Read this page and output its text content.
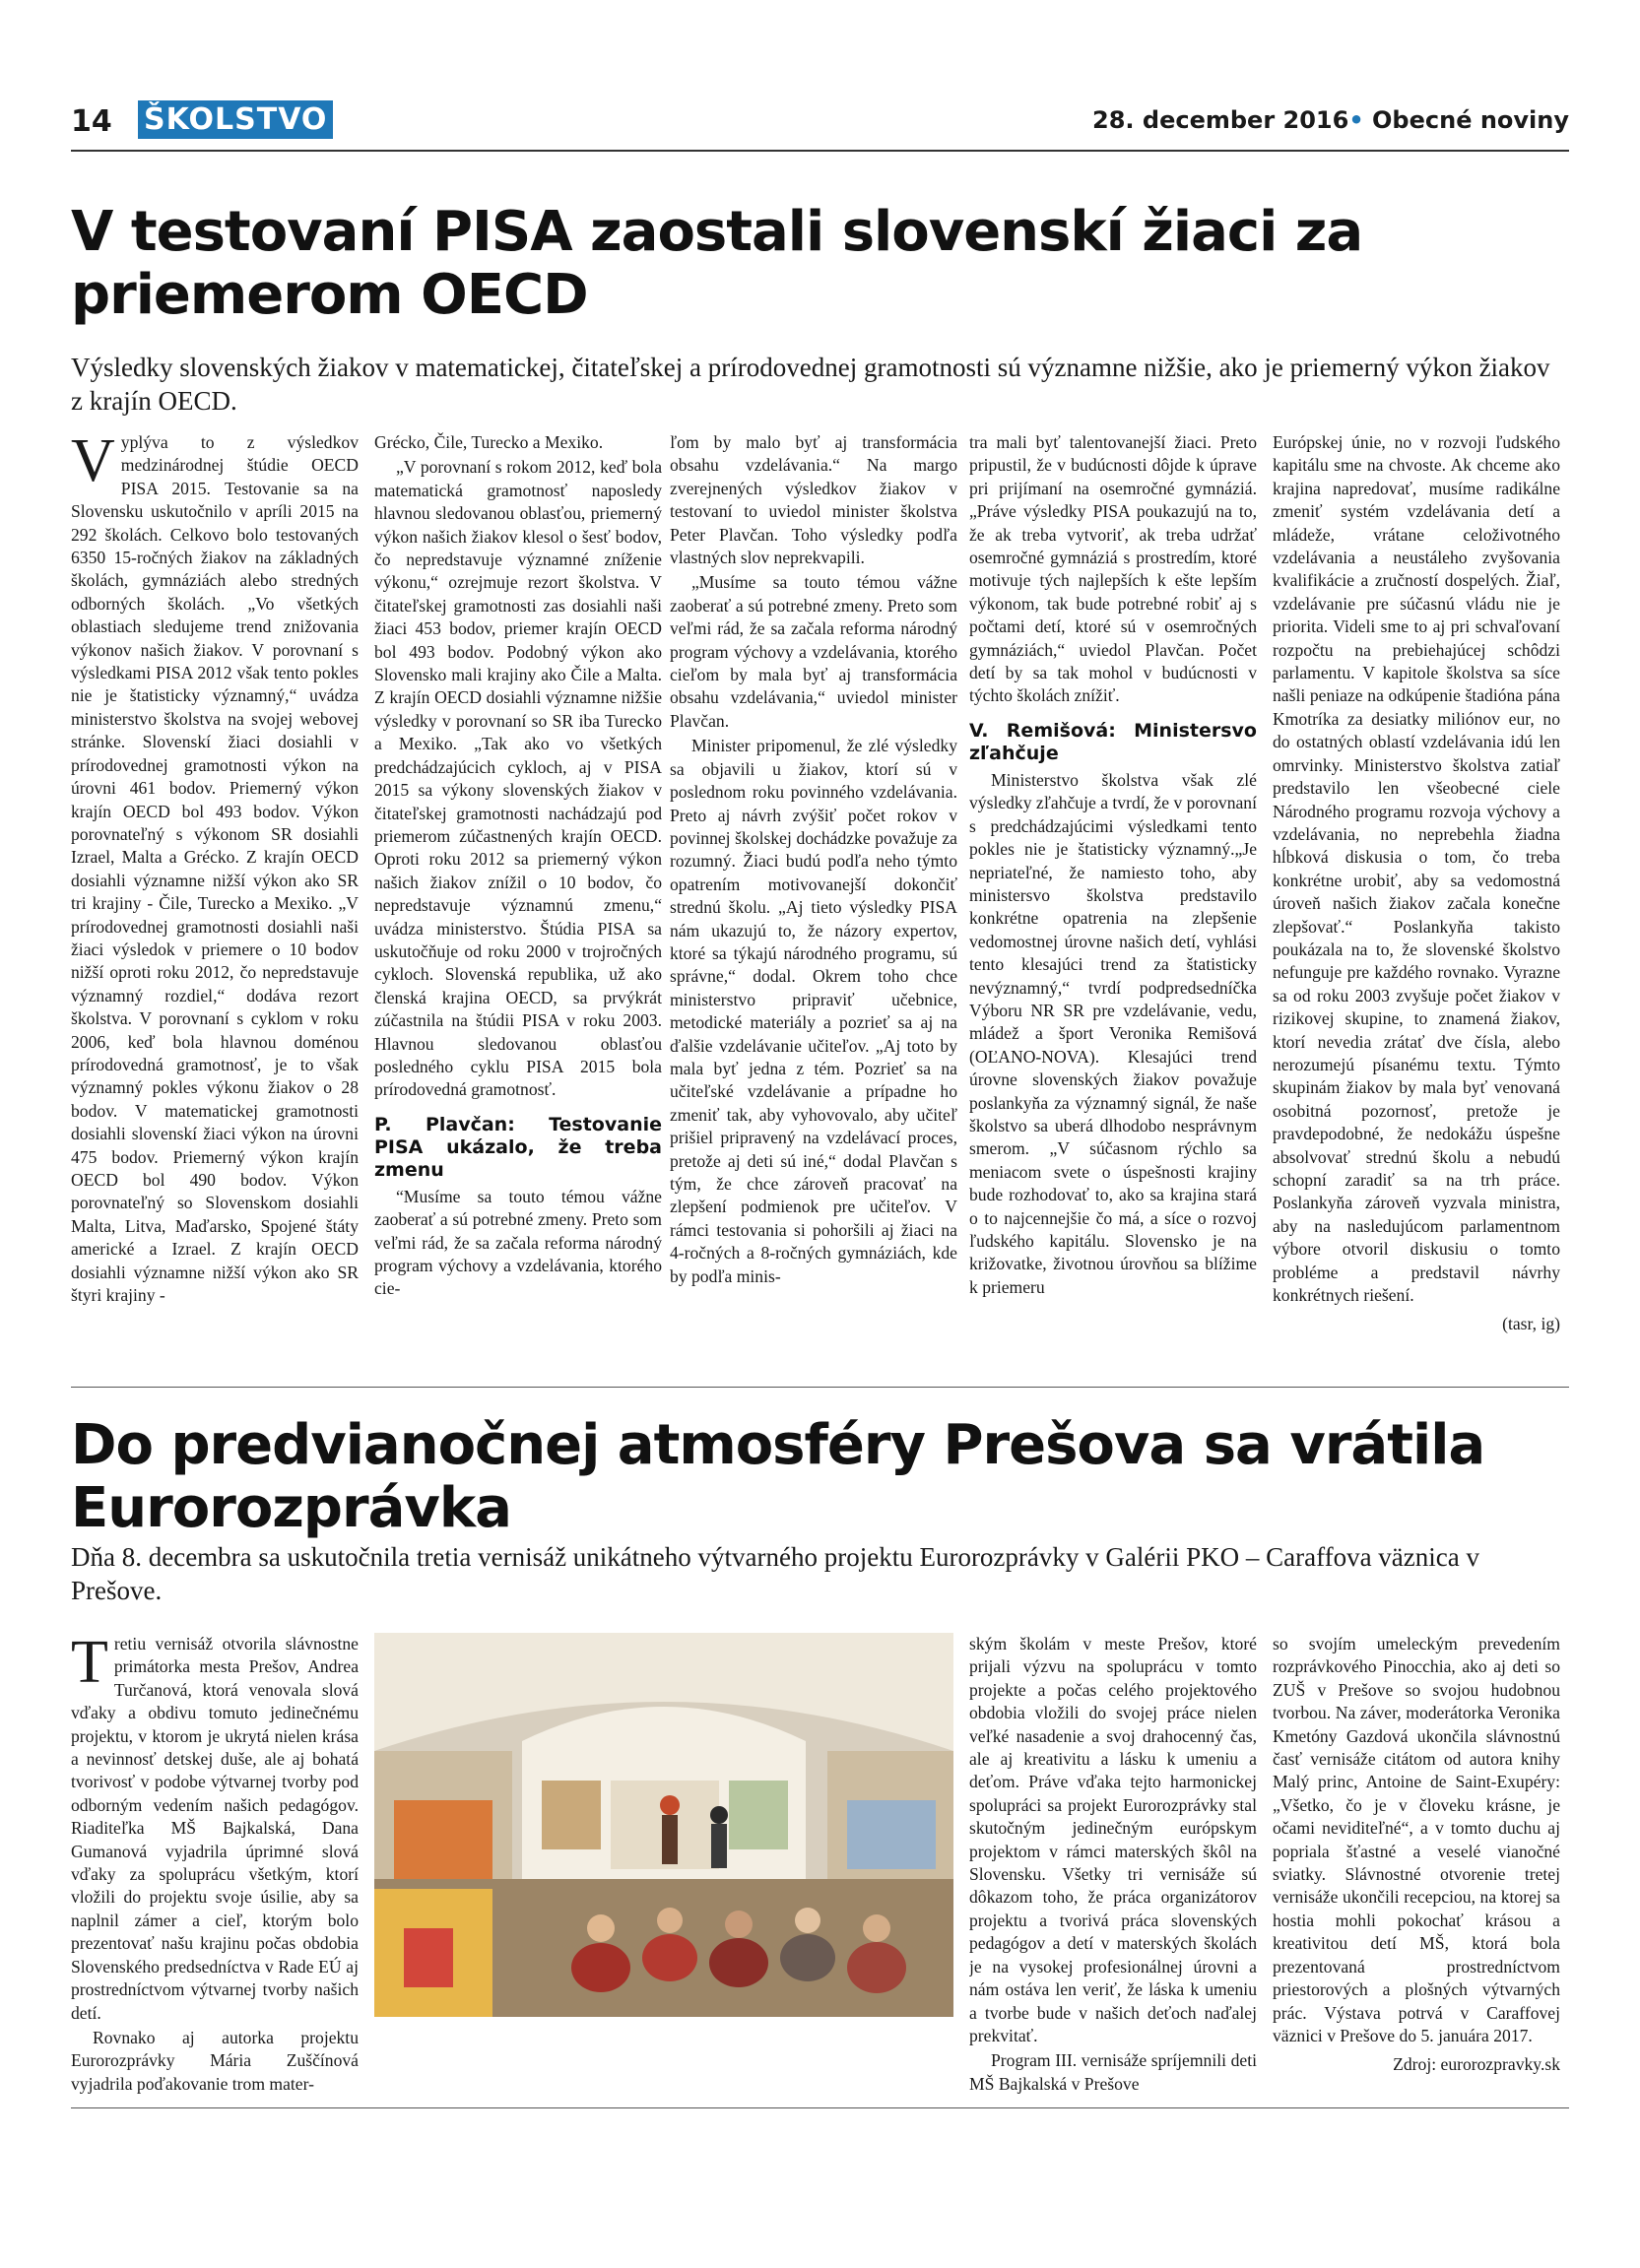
14 ŠKOLSTVO	28. december 2016• Obecné noviny
V testovaní PISA zaostali slovenskí žiaci za priemerom OECD

Výsledky slovenských žiakov v matematickej, čitateľskej a prírodovednej gramotnosti sú významne nižšie, ako je priemerný výkon žiakov z krajín OECD.

Vyplýva to z výsledkov medzinárodnej štúdie OECD PISA 2015. Testovanie sa na Slovensku uskutočnilo v apríli 2015 na 292 školách. Celkovo bolo testovaných 6350 15-ročných žiakov na základných školách, gymnáziách alebo stredných odborných školách. „Vo všetkých oblastiach sledujeme trend znižovania výkonov našich žiakov. V porovnaní s výsledkami PISA 2012 však tento pokles nie je štatisticky významný,“ uvádza ministerstvo školstva na svojej webovej stránke. Slovenskí žiaci dosiahli v prírodovednej gramotnosti výkon na úrovni 461 bodov. Priemerný výkon krajín OECD bol 493 bodov. Výkon porovnateľný s výkonom SR dosiahli Izrael, Malta a Grécko. Z krajín OECD dosiahli významne nižší výkon ako SR tri krajiny - Čile, Turecko a Mexiko. „V prírodovednej gramotnosti dosiahli naši žiaci výsledok v priemere o 10 bodov nižší oproti roku 2012, čo nepredstavuje významný rozdiel,“ dodáva rezort školstva. V porovnaní s cyklom v roku 2006, keď bola hlavnou doménou prírodovedná gramotnosť, je to však významný pokles výkonu žiakov o 28 bodov. V matematickej gramotnosti dosiahli slovenskí žiaci výkon na úrovni 475 bodov. Priemerný výkon krajín OECD bol 490 bodov. Výkon porovnateľný so Slovenskom dosiahli Malta, Litva, Maďarsko, Spojené štáty americké a Izrael. Z krajín OECD dosiahli významne nižší výkon ako SR štyri krajiny -

Grécko, Čile, Turecko a Mexiko.

„V porovnaní s rokom 2012, keď bola matematická gramotnosť naposledy hlavnou sledovanou oblasťou, priemerný výkon našich žiakov klesol o šesť bodov, čo nepredstavuje významné zníženie výkonu,“ ozrejmuje rezort školstva. V čitateľskej gramotnosti zas dosiahli naši žiaci 453 bodov, priemer krajín OECD bol 493 bodov. Podobný výkon ako Slovensko mali krajiny ako Čile a Malta. Z krajín OECD dosiahli významne nižšie výsledky v porovnaní so SR iba Turecko a Mexiko. „Tak ako vo všetkých predchádzajúcich cykloch, aj v PISA 2015 sa výkony slovenských žiakov v čitateľskej gramotnosti nachádzajú pod priemerom zúčastnených krajín OECD. Oproti roku 2012 sa priemerný výkon našich žiakov znížil o 10 bodov, čo nepredstavuje významnú zmenu,“ uvádza ministerstvo. Štúdia PISA sa uskutočňuje od roku 2000 v trojročných cykloch. Slovenská republika, už ako členská krajina OECD, sa prvýkrát zúčastnila na štúdii PISA v roku 2003. Hlavnou sledovanou oblasťou posledného cyklu PISA 2015 bola prírodovedná gramotnosť.

P. Plavčan: Testovanie PISA ukázalo, že treba zmenu

“Musíme sa touto témou vážne zaoberať a sú potrebné zmeny. Preto som veľmi rád, že sa začala reforma národný program výchovy a vzdelávania, ktorého cie-

ľom by malo byť aj transformácia obsahu vzdelávania.“ Na margo zverejnených výsledkov žiakov v testovaní to uviedol minister školstva Peter Plavčan. Toho výsledky podľa vlastných slov neprekvapili.

„Musíme sa touto témou vážne zaoberať a sú potrebné zmeny. Preto som veľmi rád, že sa začala reforma národný program výchovy a vzdelávania, ktorého cieľom by mala byť aj transformácia obsahu vzdelávania,“ uviedol minister Plavčan.

Minister pripomenul, že zlé výsledky sa objavili u žiakov, ktorí sú v poslednom roku povinného vzdelávania. Preto aj návrh zvýšiť počet rokov v povinnej školskej dochádzke považuje za rozumný. Žiaci budú podľa neho týmto opatrením motivovanejší dokončiť strednú školu. „Aj tieto výsledky PISA nám ukazujú to, že názory expertov, ktoré sa týkajú národného programu, sú správne,“ dodal. Okrem toho chce ministerstvo pripraviť učebnice, metodické materiály a pozrieť sa aj na ďalšie vzdelávanie učiteľov. „Aj toto by mala byť jedna z tém. Pozrieť sa na učiteľské vzdelávanie a prípadne ho zmeniť tak, aby vyhovovalo, aby učiteľ prišiel pripravený na vzdelávací proces, pretože aj deti sú iné,“ dodal Plavčan s tým, že chce zároveň pracovať na zlepšení podmienok pre učiteľov. V rámci testovania si pohoršili aj žiaci na 4-ročných a 8-ročných gymnáziách, kde by podľa minis-

tra mali byť talentovanejší žiaci. Preto pripustil, že v budúcnosti dôjde k úprave pri prijímaní na osemročné gymnáziá. „Práve výsledky PISA poukazujú na to, že ak treba vytvoriť, ak treba udržať osemročné gymnáziá s prostredím, ktoré motivuje tých najlepších k ešte lepším výkonom, tak bude potrebné robiť aj s počtami detí, ktoré sú v osemročných gymnáziách,“ uviedol Plavčan. Počet detí by sa tak mohol v budúcnosti v týchto školách znížiť.

V. Remišová: Ministersvo zľahčuje

Ministerstvo školstva však zlé výsledky zľahčuje a tvrdí, že v porovnaní s predchádzajúcimi výsledkami tento pokles nie je štatisticky významný.„Je nepriateľné, že namiesto toho, aby ministersvo školstva predstavilo konkrétne opatrenia na zlepšenie vedomostnej úrovne našich detí, vyhlási tento klesajúci trend za štatisticky nevýznamný,“ tvrdí podpredsedníčka Výboru NR SR pre vzdelávanie, vedu, mládež a šport Veronika Remišová (OĽANO-NOVA). Klesajúci trend úrovne slovenských žiakov považuje poslankyňa za významný signál, že naše školstvo sa uberá dlhodobo nesprávnym smerom. „V súčasnom rýchlo sa meniacom svete o úspešnosti krajiny bude rozhodovať to, ako sa krajina stará o to najcennejšie čo má, a síce o rozvoj ľudského kapitálu. Slovensko je na križovatke, životnou úrovňou sa blížime k priemeru

Európskej únie, no v rozvoji ľudského kapitálu sme na chvoste. Ak chceme ako krajina napredovať, musíme radikálne zmeniť systém vzdelávania detí a mládeže, vrátane celoživotného vzdelávania a neustáleho zvyšovania kvalifikácie a zručností dospelých. Žiaľ, vzdelávanie pre súčasnú vládu nie je priorita. Videli sme to aj pri schvaľovaní rozpočtu na prebiehajúcej schôdzi parlamentu. V kapitole školstva sa síce našli peniaze na odkúpenie štadióna pána Kmotríka za desiatky miliónov eur, no do ostatných oblastí vzdelávania idú len omrvinky. Ministerstvo školstva zatiaľ predstavilo len všeobecné ciele Národného programu rozvoja výchovy a vzdelávania, no neprebehla žiadna hĺbková diskusia o tom, čo treba konkrétne urobiť, aby sa vedomostná úroveň našich žiakov začala konečne zlepšovať.“ Poslankyňa takisto poukázala na to, že slovenské školstvo nefunguje pre každého rovnako. Vyrazne sa od roku 2003 zvyšuje počet žiakov v rizikovej skupine, to znamená žiakov, ktorí nevedia zrátať dve čísla, alebo nerozumejú písanému textu. Týmto skupinám žiakov by mala byť venovaná osobitná pozornosť, pretože je pravdepodobné, že nedokážu úspešne absolvovať strednú školu a nebudú schopní zaradiť sa na trh práce. Poslankyňa zároveň vyzvala ministra, aby na nasledujúcom parlamentnom výbore otvoril diskusiu o tomto probléme a predstavil návrhy konkrétnych riešení.

(tasr, ig)
Do predvianočnej atmosféry Prešova sa vrátila Eurorozprávka

Dňa 8. decembra sa uskutočnila tretia vernisáž unikátneho výtvarného projektu Eurorozprávky v Galérii PKO – Caraffova väznica v Prešove.

Tretiu vernisáž otvorila slávnostne primátorka mesta Prešov, Andrea Turčanová, ktorá venovala slová vďaky a obdivu tomuto jedinečnému projektu, v ktorom je ukrytá nielen krása a nevinnosť detskej duše, ale aj bohatá tvorivosť v podobe výtvarnej tvorby pod odborným vedením našich pedagógov. Riaditeľka MŠ Bajkalská, Dana Gumanová vyjadrila úprimné slová vďaky za spoluprácu všetkým, ktorí vložili do projektu svoje úsilie, aby sa naplnil zámer a cieľ, ktorým bolo prezentovať našu krajinu počas obdobia Slovenského predsedníctva v Rade EÚ aj prostredníctvom výtvarnej tvorby našich detí.

Rovnako aj autorka projektu Eurorozprávky Mária Zuščínová vyjadrila poďakovanie trom mater-

ským školám v meste Prešov, ktoré prijali výzvu na spoluprácu v tomto projekte a počas celého projektového obdobia vložili do svojej práce nielen veľké nasadenie a svoj drahocenný čas, ale aj kreativitu a lásku k umeniu a deťom. Práve vďaka tejto harmonickej spolupráci sa projekt Eurorozprávky stal skutočným jedinečným európskym projektom v rámci materských škôl na Slovensku. Všetky tri vernisáže sú dôkazom toho, že práca organizátorov projektu a tvorivá práca slovenských pedagógov a detí v materských školách je na vysokej profesionálnej úrovni a nám ostáva len veriť, že láska k umeniu a tvorbe bude v našich deťoch naďalej prekvitať.

Program III. vernisáže spríjemnili deti MŠ Bajkalská v Prešove

so svojím umeleckým prevedením rozprávkového Pinocchia, ako aj deti so ZUŠ v Prešove so svojou hudobnou tvorbou. Na záver, moderátorka Veronika Kmetóny Gazdová ukončila slávnostnú časť vernisáže citátom od autora knihy Malý princ, Antoine de Saint-Exupéry: „Všetko, čo je v človeku krásne, je očami neviditeľné“, a v tomto duchu aj popriala šťastné a veselé vianočné sviatky. Slávnostné otvorenie tretej vernisáže ukončili recepciou, na ktorej sa hostia mohli pokochať krásou a kreativitou detí MŠ, ktorá bola prezentovaná prostredníctvom priestorových a plošných výtvarných prác. Výstava potrvá v Caraffovej väznici v Prešove do 5. januára 2017.

Zdroj: eurorozpravky.sk
